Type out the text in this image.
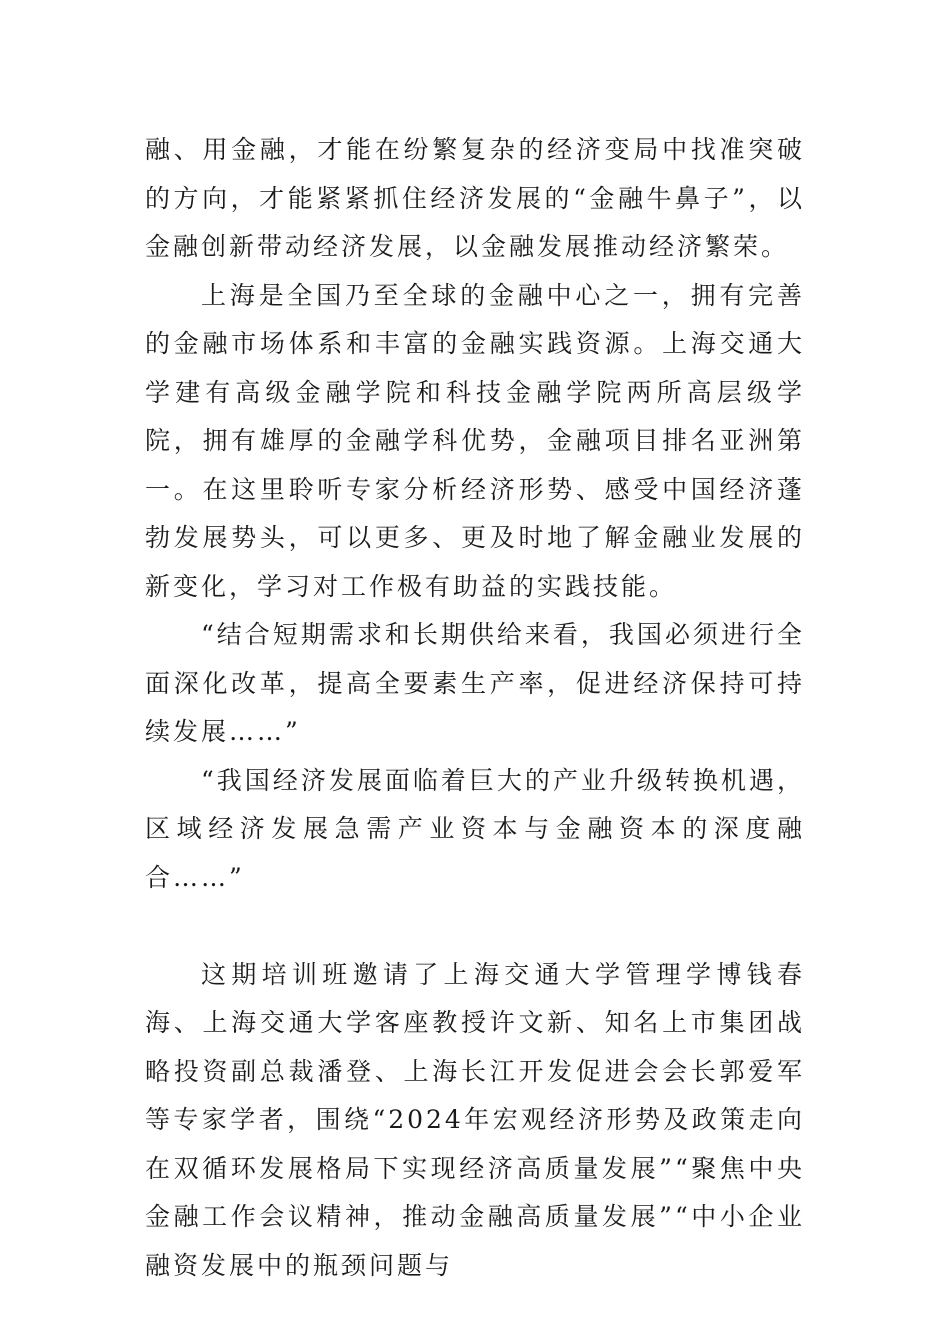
融、用金融，才能在纷繁复杂的经济变局中找准突破的方向，才能紧紧抓住经济发展的“金融牛鼻子”，以金融创新带动经济发展，以金融发展推动经济繁荣。

上海是全国乃至全球的金融中心之一，拥有完善的金融市场体系和丰富的金融实践资源。上海交通大学建有高级金融学院和科技金融学院两所高层级学院，拥有雄厚的金融学科优势，金融项目排名亚洲第一。在这里聆听专家分析经济形势、感受中国经济蓬勃发展势头，可以更多、更及时地了解金融业发展的新变化，学习对工作极有助益的实践技能。

“结合短期需求和长期供给来看，我国必须进行全面深化改革，提高全要素生产率，促进经济保持可持续发展……”

“我国经济发展面临着巨大的产业升级转换机遇，区域经济发展急需产业资本与金融资本的深度融合……”

这期培训班邀请了上海交通大学管理学博钱春海、上海交通大学客座教授许文新、知名上市集团战略投资副总裁潘登、上海长江开发促进会会长郭爱军等专家学者，围绕“2024年宏观经济形势及政策走向在双循环发展格局下实现经济高质量发展”“聚焦中央金融工作会议精神，推动金融高质量发展”“中小企业融资发展中的瓶颈问题与
